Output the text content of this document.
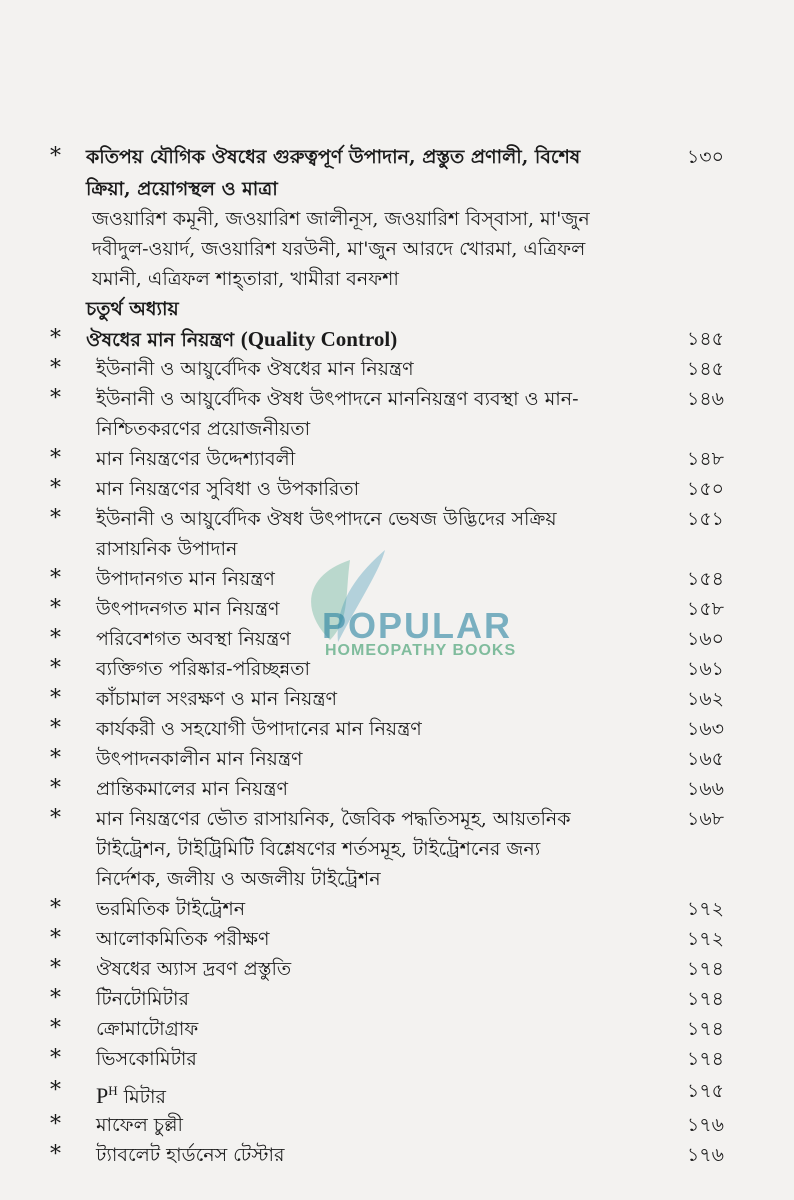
* কতিপয় যৌগিক ঔষধের গুরুত্বপূর্ণ উপাদান, প্রস্তুত প্রণালী, বিশেষ	১৩০
ক্রিয়া, প্রয়োগস্থল ও মাত্রা
জওয়ারিশ কমূনী, জওয়ারিশ জালীনূস, জওয়ারিশ বিস্‌বাসা, মা'জুন
দবীদুল-ওয়ার্দ, জওয়ারিশ যরউনী, মা'জুন আরদে খোরমা, এত্রিফল
যমানী, এত্রিফল শাহ্‌তারা, খামীরা বনফশা
চতুর্থ অধ্যায়
* ঔষধের মান নিয়ন্ত্রণ (Quality Control)	১৪৫
* ইউনানী ও আয়ুর্বেদিক ঔষধের মান নিয়ন্ত্রণ	১৪৫
* ইউনানী ও আয়ুর্বেদিক ঔষধ উৎপাদনে মাননিয়ন্ত্রণ ব্যবস্থা ও মান-	১৪৬
নিশ্চিতকরণের প্রয়োজনীয়তা
* মান নিয়ন্ত্রণের উদ্দেশ্যাবলী	১৪৮
* মান নিয়ন্ত্রণের সুবিধা ও উপকারিতা	১৫০
* ইউনানী ও আয়ুর্বেদিক ঔষধ উৎপাদনে ভেষজ উদ্ভিদের সক্রিয়	১৫১
রাসায়নিক উপাদান
* উপাদানগত মান নিয়ন্ত্রণ	১৫৪
* উৎপাদনগত মান নিয়ন্ত্রণ	১৫৮
* পরিবেশগত অবস্থা নিয়ন্ত্রণ	১৬০
* ব্যক্তিগত পরিষ্কার-পরিচ্ছন্নতা	১৬১
* কাঁচামাল সংরক্ষণ ও মান নিয়ন্ত্রণ	১৬২
* কার্যকরী ও সহযোগী উপাদানের মান নিয়ন্ত্রণ	১৬৩
* উৎপাদনকালীন মান নিয়ন্ত্রণ	১৬৫
* প্রান্তিকমালের মান নিয়ন্ত্রণ	১৬৬
* মান নিয়ন্ত্রণের ভৌত রাসায়নিক, জৈবিক পদ্ধতিসমূহ, আয়তনিক	১৬৮
টাইট্রেশন, টাইট্রিমিটি বিশ্লেষণের শর্তসমূহ, টাইট্রেশনের জন্য
নির্দেশক, জলীয় ও অজলীয় টাইট্রেশন
* ভরমিতিক টাইট্রেশন	১৭২
* আলোকমিতিক পরীক্ষণ	১৭২
* ঔষধের অ্যাস দ্রবণ প্রস্তুতি	১৭৪
* টিনটোমিটার	১৭৪
* ক্রোমাটোগ্রাফ	১৭৪
* ভিসকোমিটার	১৭৪
* $P^H$ মিটার	১৭৫
* মাফেল চুল্লী	১৭৬
* ট্যাবলেট হার্ডনেস টেস্টার	১৭৬
POPULAR
HOMEOPATHY BOOKS
